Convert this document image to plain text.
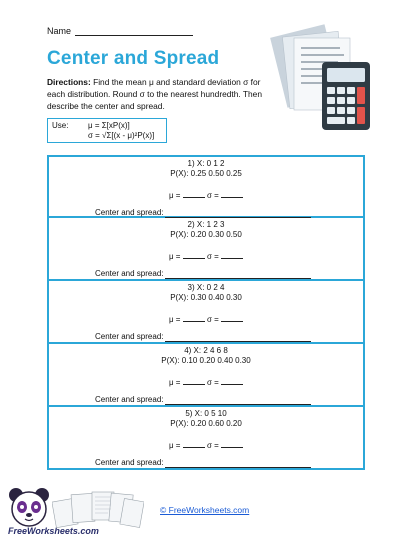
Name
Center and Spread
Directions: Find the mean μ and standard deviation σ for each distribution. Round σ to the nearest hundredth. Then describe the center and spread.
Use:	μ = Σ[xP(x)]
σ = √Σ[(x - μ)²P(x)]
1) X: 0 1 2
P(X): 0.25 0.50 0.25
μ =	σ =
Center and spread:
2) X: 1 2 3
P(X): 0.20 0.30 0.50
μ =	σ =
Center and spread:
3) X: 0 2 4
P(X): 0.30 0.40 0.30
μ =	σ =
Center and spread:
4) X: 2 4 6 8
P(X): 0.10 0.20 0.40 0.30
μ =	σ =
Center and spread:
5) X: 0 5 10
P(X): 0.20 0.60 0.20
μ =	σ =
Center and spread:
FreeWorksheets.com
© FreeWorksheets.com
